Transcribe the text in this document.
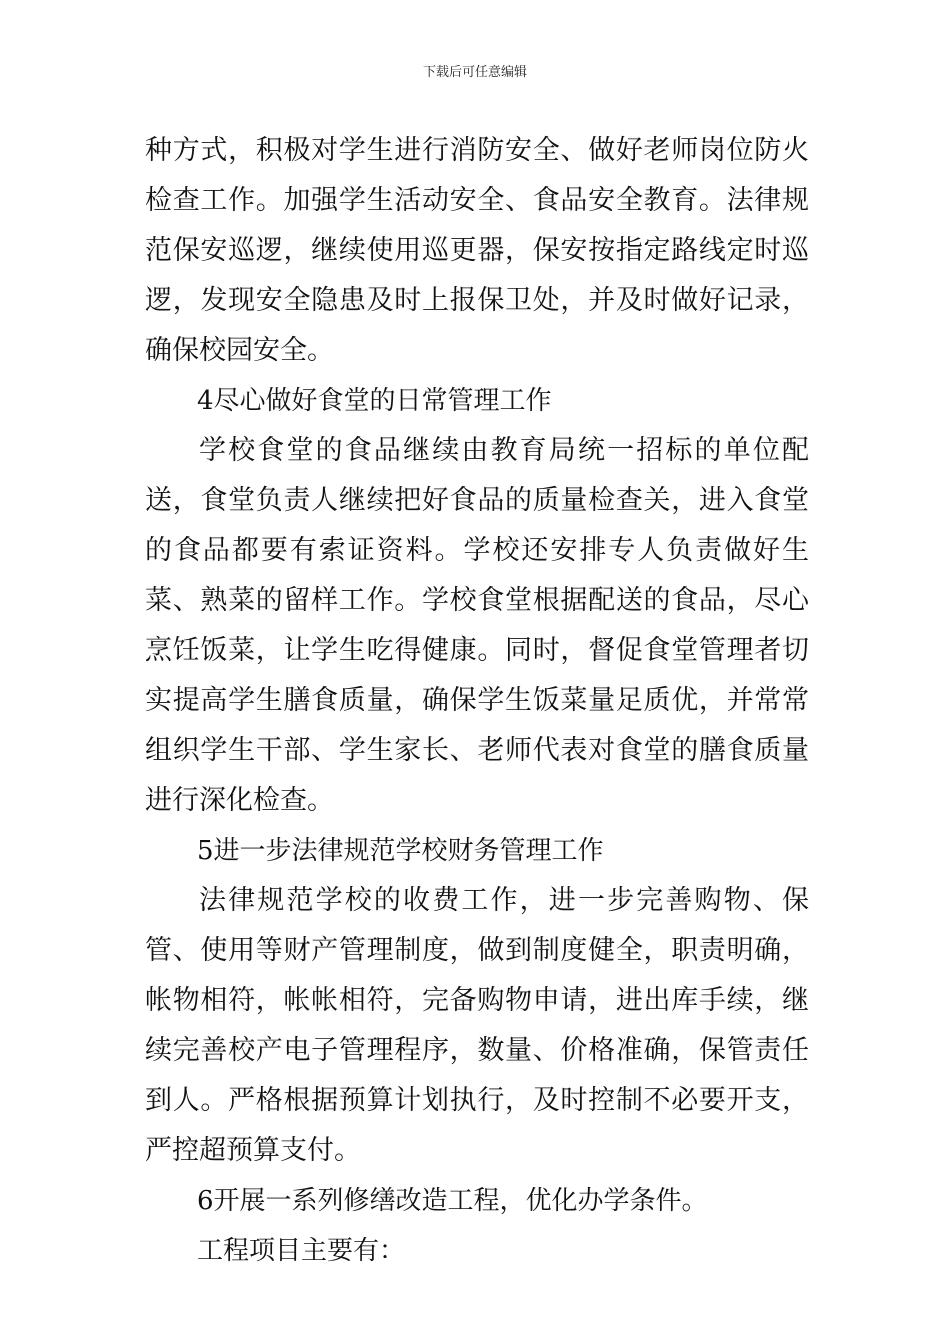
下载后可任意编辑

种方式，积极对学生进行消防安全、做好老师岗位防火检查工作。加强学生活动安全、食品安全教育。法律规范保安巡逻，继续使用巡更器，保安按指定路线定时巡逻，发现安全隐患及时上报保卫处，并及时做好记录，确保校园安全。

4尽心做好食堂的日常管理工作

学校食堂的食品继续由教育局统一招标的单位配送，食堂负责人继续把好食品的质量检查关，进入食堂的食品都要有索证资料。学校还安排专人负责做好生菜、熟菜的留样工作。学校食堂根据配送的食品，尽心烹饪饭菜，让学生吃得健康。同时，督促食堂管理者切实提高学生膳食质量，确保学生饭菜量足质优，并常常组织学生干部、学生家长、老师代表对食堂的膳食质量进行深化检查。

5进一步法律规范学校财务管理工作

法律规范学校的收费工作，进一步完善购物、保管、使用等财产管理制度，做到制度健全，职责明确，帐物相符，帐帐相符，完备购物申请，进出库手续，继续完善校产电子管理程序，数量、价格准确，保管责任到人。严格根据预算计划执行，及时控制不必要开支，严控超预算支付。

6开展一系列修缮改造工程，优化办学条件。

工程项目主要有：
